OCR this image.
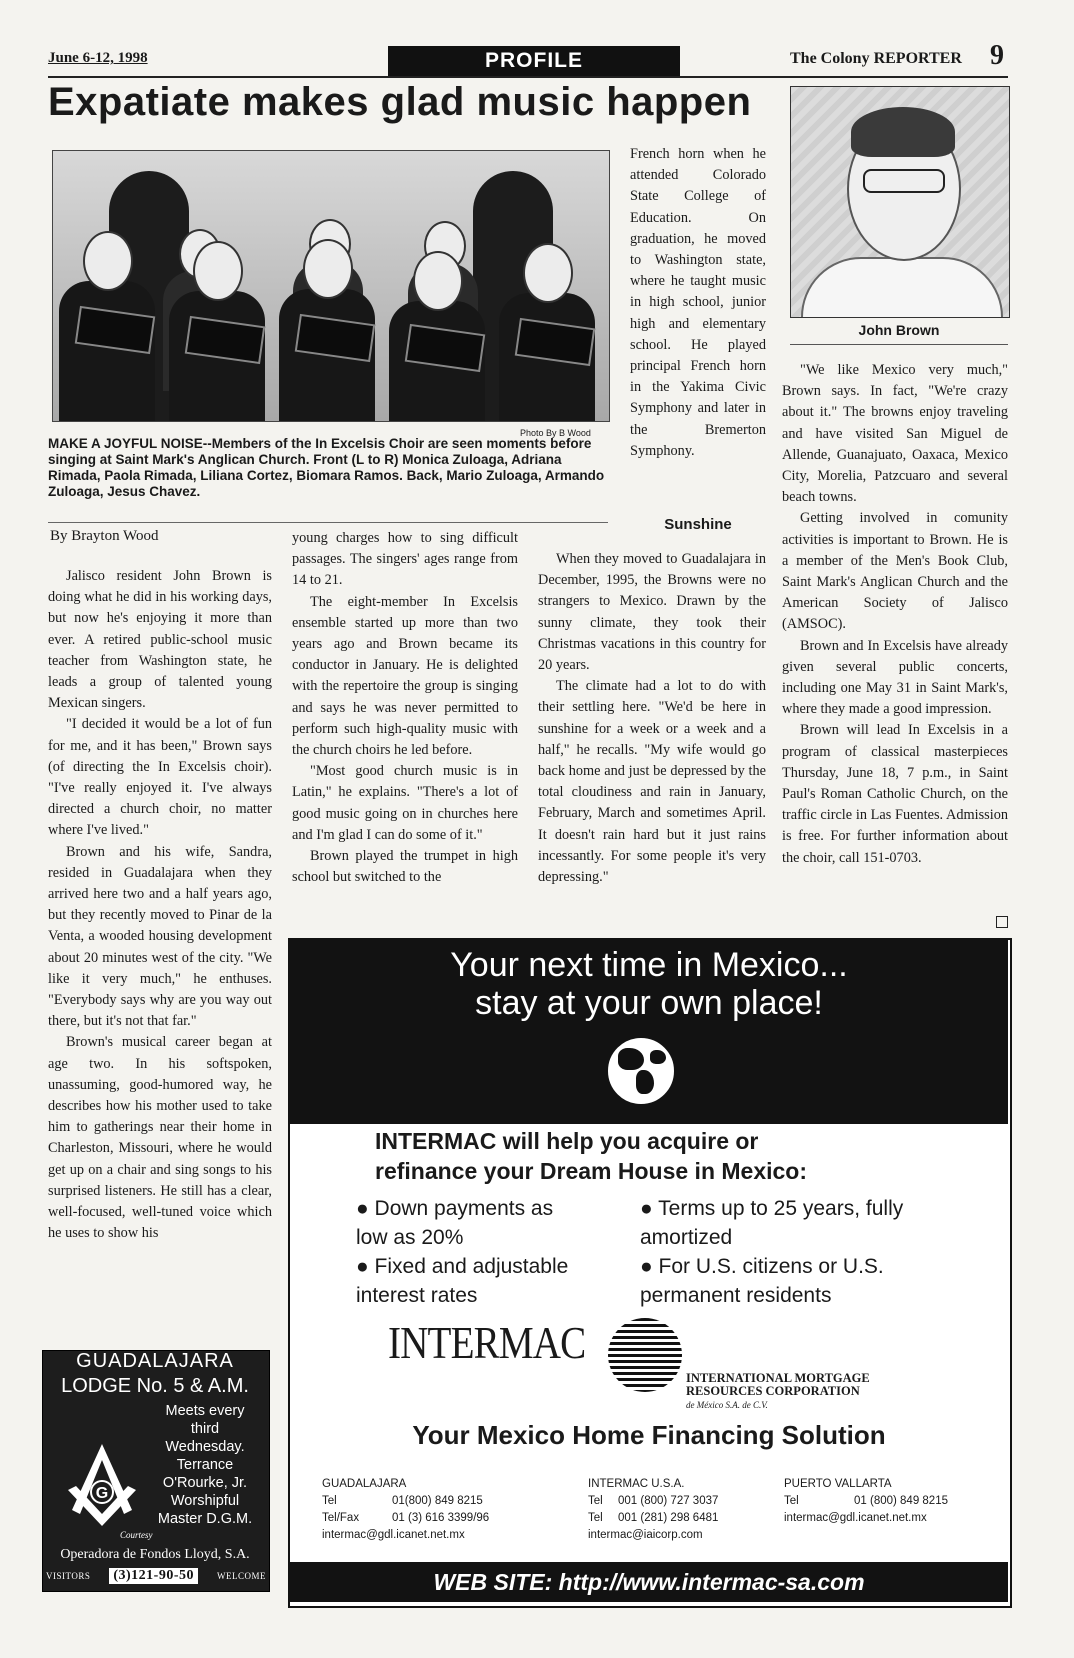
June 6-12, 1998	PROFILE	The Colony REPORTER 9
Expatiate makes glad music happen
Photo By B Wood
MAKE A JOYFUL NOISE--Members of the In Excelsis Choir are seen moments before singing at Saint Mark's Anglican Church. Front (L to R) Monica Zuloaga, Adriana Rimada, Paola Rimada, Liliana Cortez, Biomara Ramos. Back, Mario Zuloaga, Armando Zuloaga, Jesus Chavez.
By Brayton Wood

Jalisco resident John Brown is doing what he did in his working days, but now he's enjoying it more than ever. A retired public-school music teacher from Washington state, he leads a group of talented young Mexican singers.

"I decided it would be a lot of fun for me, and it has been," Brown says (of directing the In Excelsis choir). "I've really enjoyed it. I've always directed a church choir, no matter where I've lived."

Brown and his wife, Sandra, resided in Guadalajara when they arrived here two and a half years ago, but they recently moved to Pinar de la Venta, a wooded housing development about 20 minutes west of the city. "We like it very much," he enthuses. "Everybody says why are you way out there, but it's not that far."

Brown's musical career began at age two. In his softspoken, unassuming, good-humored way, he describes how his mother used to take him to gatherings near their home in Charleston, Missouri, where he would get up on a chair and sing songs to his surprised listeners. He still has a clear, well-focused, well-tuned voice which he uses to show his

young charges how to sing difficult passages. The singers' ages range from 14 to 21.

The eight-member In Excelsis ensemble started up more than two years ago and Brown became its conductor in January. He is delighted with the repertoire the group is singing and says he was never permitted to perform such high-quality music with the church choirs he led before.

"Most good church music is in Latin," he explains. "There's a lot of good music going on in churches here and I'm glad I can do some of it."

Brown played the trumpet in high school but switched to the

French horn when he attended Colorado State College of Education. On graduation, he moved to Washington state, where he taught music in high school, junior high and elementary school. He played principal French horn in the Yakima Civic Symphony and later in the Bremerton Symphony.

Sunshine

When they moved to Guadalajara in December, 1995, the Browns were no strangers to Mexico. Drawn by the sunny climate, they took their Christmas vacations in this country for 20 years.

The climate had a lot to do with their settling here. "We'd be here in sunshine for a week or a week and a half," he recalls. "My wife would go back home and just be depressed by the total cloudiness and rain in January, February, March and sometimes April. It doesn't rain hard but it just rains incessantly. For some people it's very depressing."

John Brown

"We like Mexico very much," Brown says. In fact, "We're crazy about it." The browns enjoy traveling and have visited San Miguel de Allende, Guanajuato, Oaxaca, Mexico City, Morelia, Patzcuaro and several beach towns.

Getting involved in comunity activities is important to Brown. He is a member of the Men's Book Club, Saint Mark's Anglican Church and the American Society of Jalisco (AMSOC).

Brown and In Excelsis have already given several public concerts, including one May 31 in Saint Mark's, where they made a good impression.

Brown will lead In Excelsis in a program of classical masterpieces Thursday, June 18, 7 p.m., in Saint Paul's Roman Catholic Church, on the traffic circle in Las Fuentes. Admission is free. For further information about the choir, call 151-0703.

Your next time in Mexico...
stay at your own place!
INTERMAC will help you acquire or
refinance your Dream House in Mexico:
● Down payments as low as 20%
● Fixed and adjustable interest rates
● Terms up to 25 years, fully amortized
● For U.S. citizens or U.S. permanent residents
INTERMAC
INTERNATIONAL MORTGAGE
RESOURCES CORPORATION
de México S.A. de C.V.
Your Mexico Home Financing Solution
GUADALAJARA
Tel	01(800) 849 8215
Tel/Fax	01 (3) 616 3399/96
intermac@gdl.icanet.net.mx
INTERMAC U.S.A.
Tel	001 (800) 727 3037
Tel	001 (281) 298 6481
intermac@iaicorp.com
PUERTO VALLARTA
Tel	01 (800) 849 8215
intermac@gdl.icanet.net.mx
WEB SITE: http://www.intermac-sa.com
GUADALAJARA
LODGE No. 5 & A.M.
Meets every third Wednesday. Terrance O'Rourke, Jr. Worshipful Master D.G.M.
G
Courtesy
Operadora de Fondos Lloyd, S.A.
VISITORS (3)121-90-50	WELCOME
